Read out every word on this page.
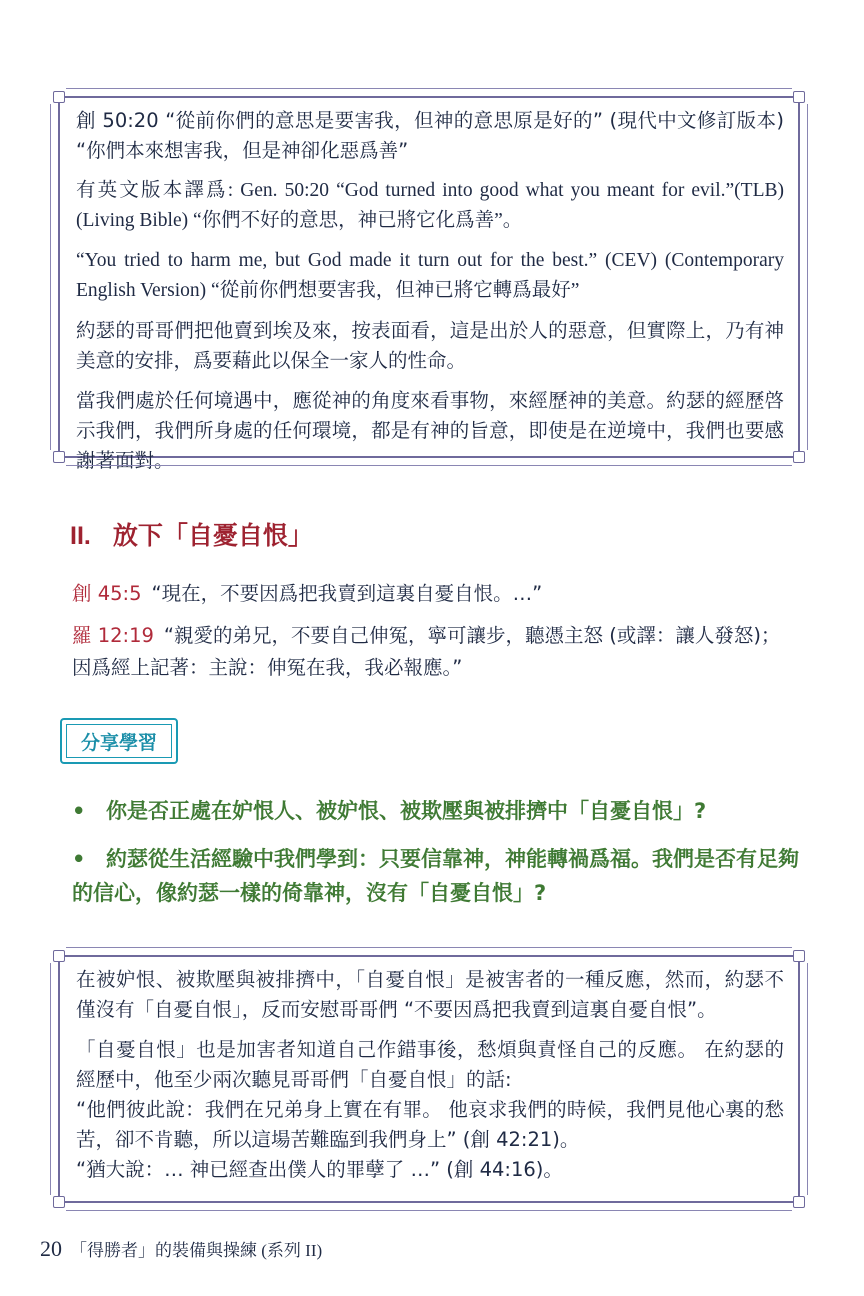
創 50:20 “從前你們的意思是要害我，但神的意思原是好的” (現代中文修訂版本) “你們本來想害我，但是神卻化惡爲善”

有英文版本譯爲: Gen. 50:20 “God turned into good what you meant for evil.”(TLB) (Living Bible) “你們不好的意思，神已將它化爲善”。

“You tried to harm me, but God made it turn out for the best.” (CEV) (Contemporary English Version) “從前你們想要害我，但神已將它轉爲最好”

約瑟的哥哥們把他賣到埃及來，按表面看，這是出於人的惡意，但實際上，乃有神美意的安排，爲要藉此以保全一家人的性命。

當我們處於任何境遇中，應從神的角度來看事物，來經歷神的美意。約瑟的經歷啓示我們，我們所身處的任何環境，都是有神的旨意，即使是在逆境中，我們也要感謝著面對。

II. 放下「自憂自恨」

創 45:5 “現在，不要因爲把我賣到這裏自憂自恨。…”

羅 12:19 “親愛的弟兄，不要自己伸冤，寧可讓步，聽憑主怒 (或譯：讓人發怒)；因爲經上記著：主說：伸冤在我，我必報應。”

分享學習

• 你是否正處在妒恨人、被妒恨、被欺壓與被排擠中「自憂自恨」?

• 約瑟從生活經驗中我們學到：只要信靠神，神能轉禍爲福。我們是否有足夠的信心，像約瑟一樣的倚靠神，沒有「自憂自恨」?

在被妒恨、被欺壓與被排擠中，「自憂自恨」是被害者的一種反應，然而，約瑟不僅沒有「自憂自恨」，反而安慰哥哥們 “不要因爲把我賣到這裏自憂自恨”。

「自憂自恨」也是加害者知道自己作錯事後，愁煩與責怪自己的反應。 在約瑟的經歷中，他至少兩次聽見哥哥們「自憂自恨」的話:

“他們彼此說：我們在兄弟身上實在有罪。 他哀求我們的時候，我們見他心裏的愁苦，卻不肯聽，所以這場苦難臨到我們身上” (創 42:21)。

“猶大說：… 神已經查出僕人的罪孽了 …” (創 44:16)。

20 「得勝者」的裝備與操練 (系列 II)
